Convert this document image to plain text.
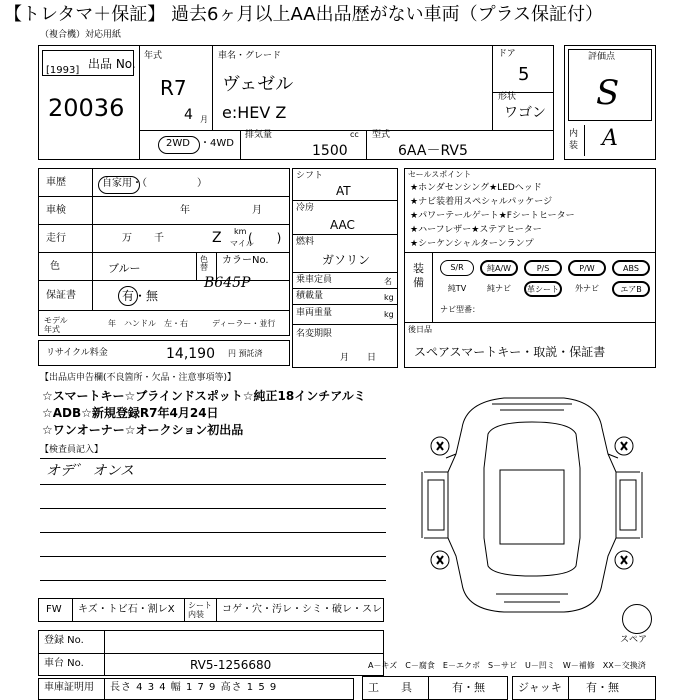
【トレタマ＋保証】 過去6ヶ月以上AA出品歴がない車両（プラス保証付）
（複合機）対応用紙
出品 No.
[1993]
20036
年式
R7
4 月
車名・グレード
ヴェゼル
e:HEV Z
ドア
5
形状
ワゴン
2WD ・ 4WD
排気量	cc
1500
型式
6AA－RV5
評価点
S
内装 A
車歴	自家用・（　　　　　）
車検	年	月
走行	万 千
km
マイル
Z (　　)
色	ブルー
色替
カラーNo.
B645P
保証書	有・無
モデル年式
年　ハンドル　左・右	ディーラー・並行
リサイクル料金	14,190 円 預託済
シフト
AT
冷房
AAC
燃料
ガソリン
乗車定員	名
積載量	kg
車両重量	kg
名変期限
月　　日
セールスポイント
★ホンダセンシング★LEDヘッド
★ナビ装着用スペシャルパッケージ
★パワーテールゲート★Fシートヒーター
★ハーフレザー★ステアヒーター
★シーケンシャルターンランプ
装備
S/R	純A/W	P/S	P/W	ABS
純TV	純ナビ	革シート	外ナビ	エアB
ナビ型番：
後日品
スペアスマートキー・取説・保証書
【出品店申告欄(不良箇所・欠品・注意事項等)】
☆スマートキー☆ブラインドスポット☆純正18インチアルミ
☆ADB☆新規登録R7年4月24日
☆ワンオーナー☆オークション初出品
【検査員記入】
オデ゛ オンス
スペア
FW キズ・トビ石・割レX シート内装	コゲ・穴・汚レ・シミ・破レ・スレ
登録 No.
車台 No.	RV5-1256680	A－キズ　C－腐食　E－エクボ　S－サビ　U－凹ミ　W－補修　XX－交換済
車庫証明用 長さ 4 3 4 幅 1 7 9 高さ 1 5 9	工　　具	有・無	ジャッキ 有・無
